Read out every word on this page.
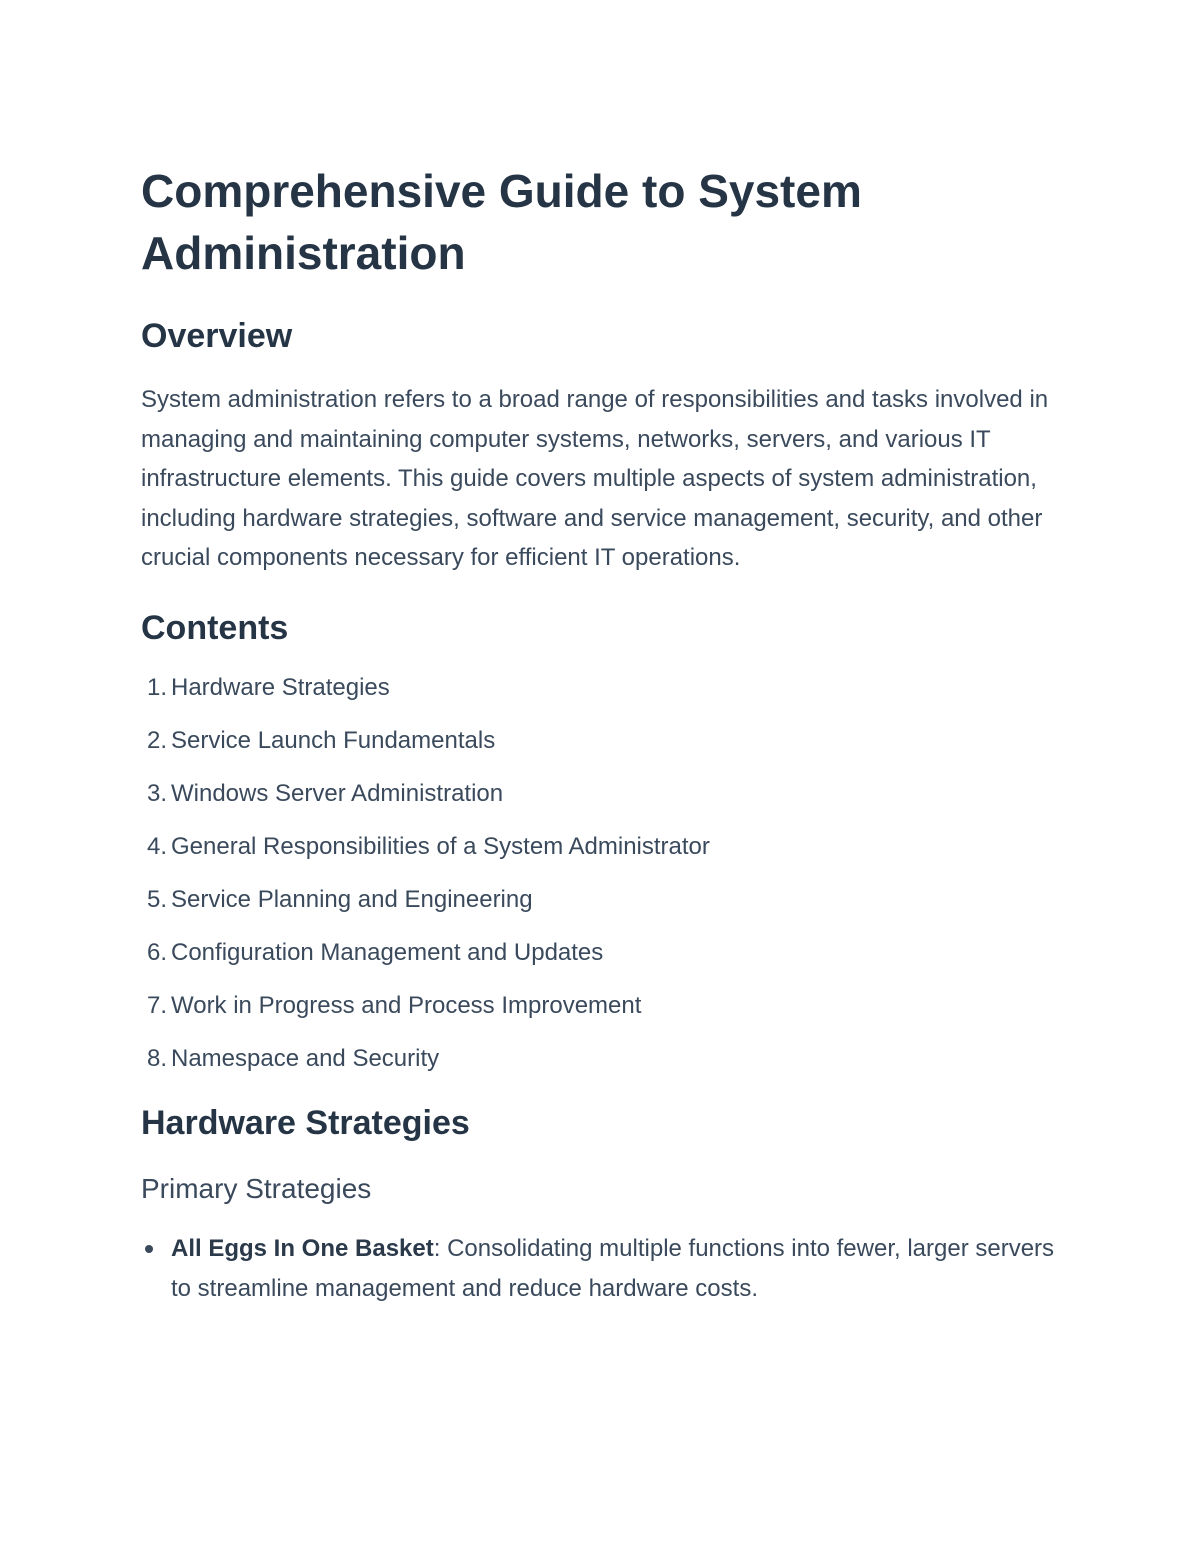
Comprehensive Guide to System Administration
Overview

System administration refers to a broad range of responsibilities and tasks involved in managing and maintaining computer systems, networks, servers, and various IT infrastructure elements. This guide covers multiple aspects of system administration, including hardware strategies, software and service management, security, and other crucial components necessary for efficient IT operations.

Contents
1. Hardware Strategies
2. Service Launch Fundamentals
3. Windows Server Administration
4. General Responsibilities of a System Administrator
5. Service Planning and Engineering
6. Configuration Management and Updates
7. Work in Progress and Process Improvement
8. Namespace and Security
Hardware Strategies
Primary Strategies
All Eggs In One Basket: Consolidating multiple functions into fewer, larger servers to streamline management and reduce hardware costs.
